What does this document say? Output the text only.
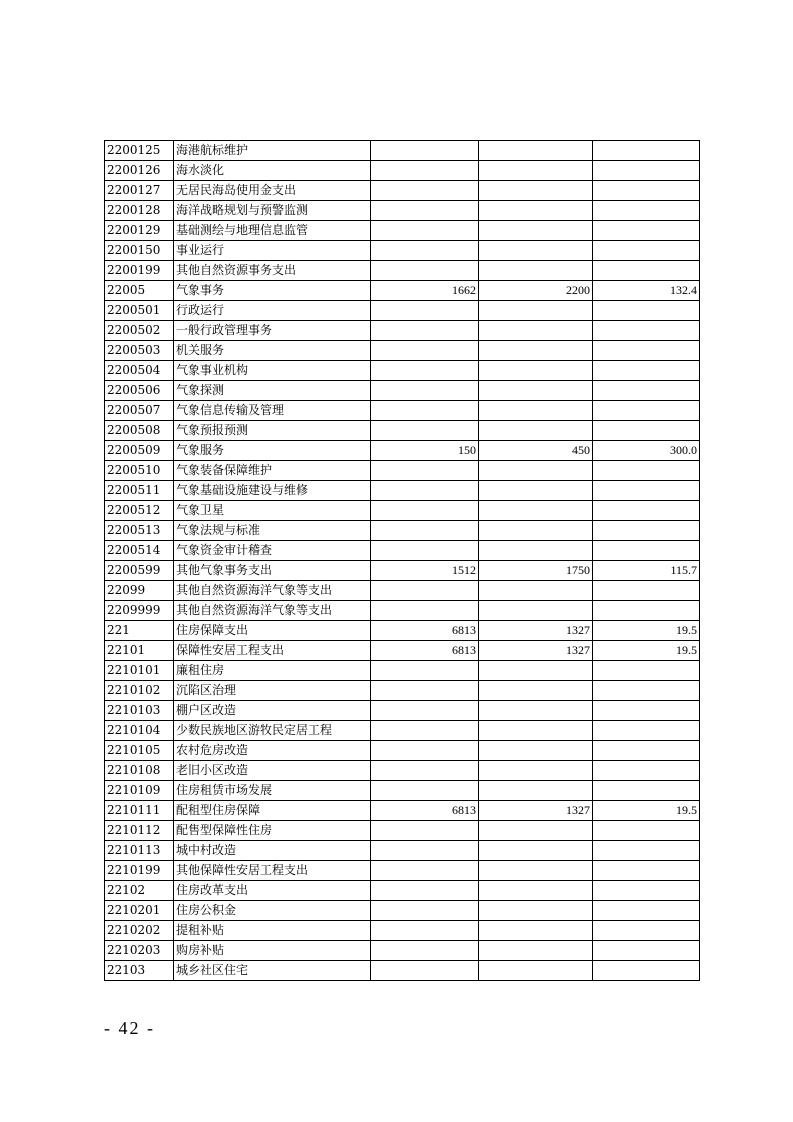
2200125	海港航标维护			
2200126	海水淡化			
2200127	无居民海岛使用金支出			
2200128	海洋战略规划与预警监测			
2200129	基础测绘与地理信息监管			
2200150	事业运行			
2200199	其他自然资源事务支出			
22005	气象事务	1662	2200	132.4
2200501	行政运行			
2200502	一般行政管理事务			
2200503	机关服务			
2200504	气象事业机构			
2200506	气象探测			
2200507	气象信息传输及管理			
2200508	气象预报预测			
2200509	气象服务	150	450	300.0
2200510	气象装备保障维护			
2200511	气象基础设施建设与维修			
2200512	气象卫星			
2200513	气象法规与标准			
2200514	气象资金审计稽查			
2200599	其他气象事务支出	1512	1750	115.7
22099	其他自然资源海洋气象等支出			
2209999	其他自然资源海洋气象等支出			
221	住房保障支出	6813	1327	19.5
22101	保障性安居工程支出	6813	1327	19.5
2210101	廉租住房			
2210102	沉陷区治理			
2210103	棚户区改造			
2210104	少数民族地区游牧民定居工程			
2210105	农村危房改造			
2210108	老旧小区改造			
2210109	住房租赁市场发展			
2210111	配租型住房保障	6813	1327	19.5
2210112	配售型保障性住房			
2210113	城中村改造			
2210199	其他保障性安居工程支出			
22102	住房改革支出			
2210201	住房公积金			
2210202	提租补贴			
2210203	购房补贴			
22103	城乡社区住宅			
- 42 -
